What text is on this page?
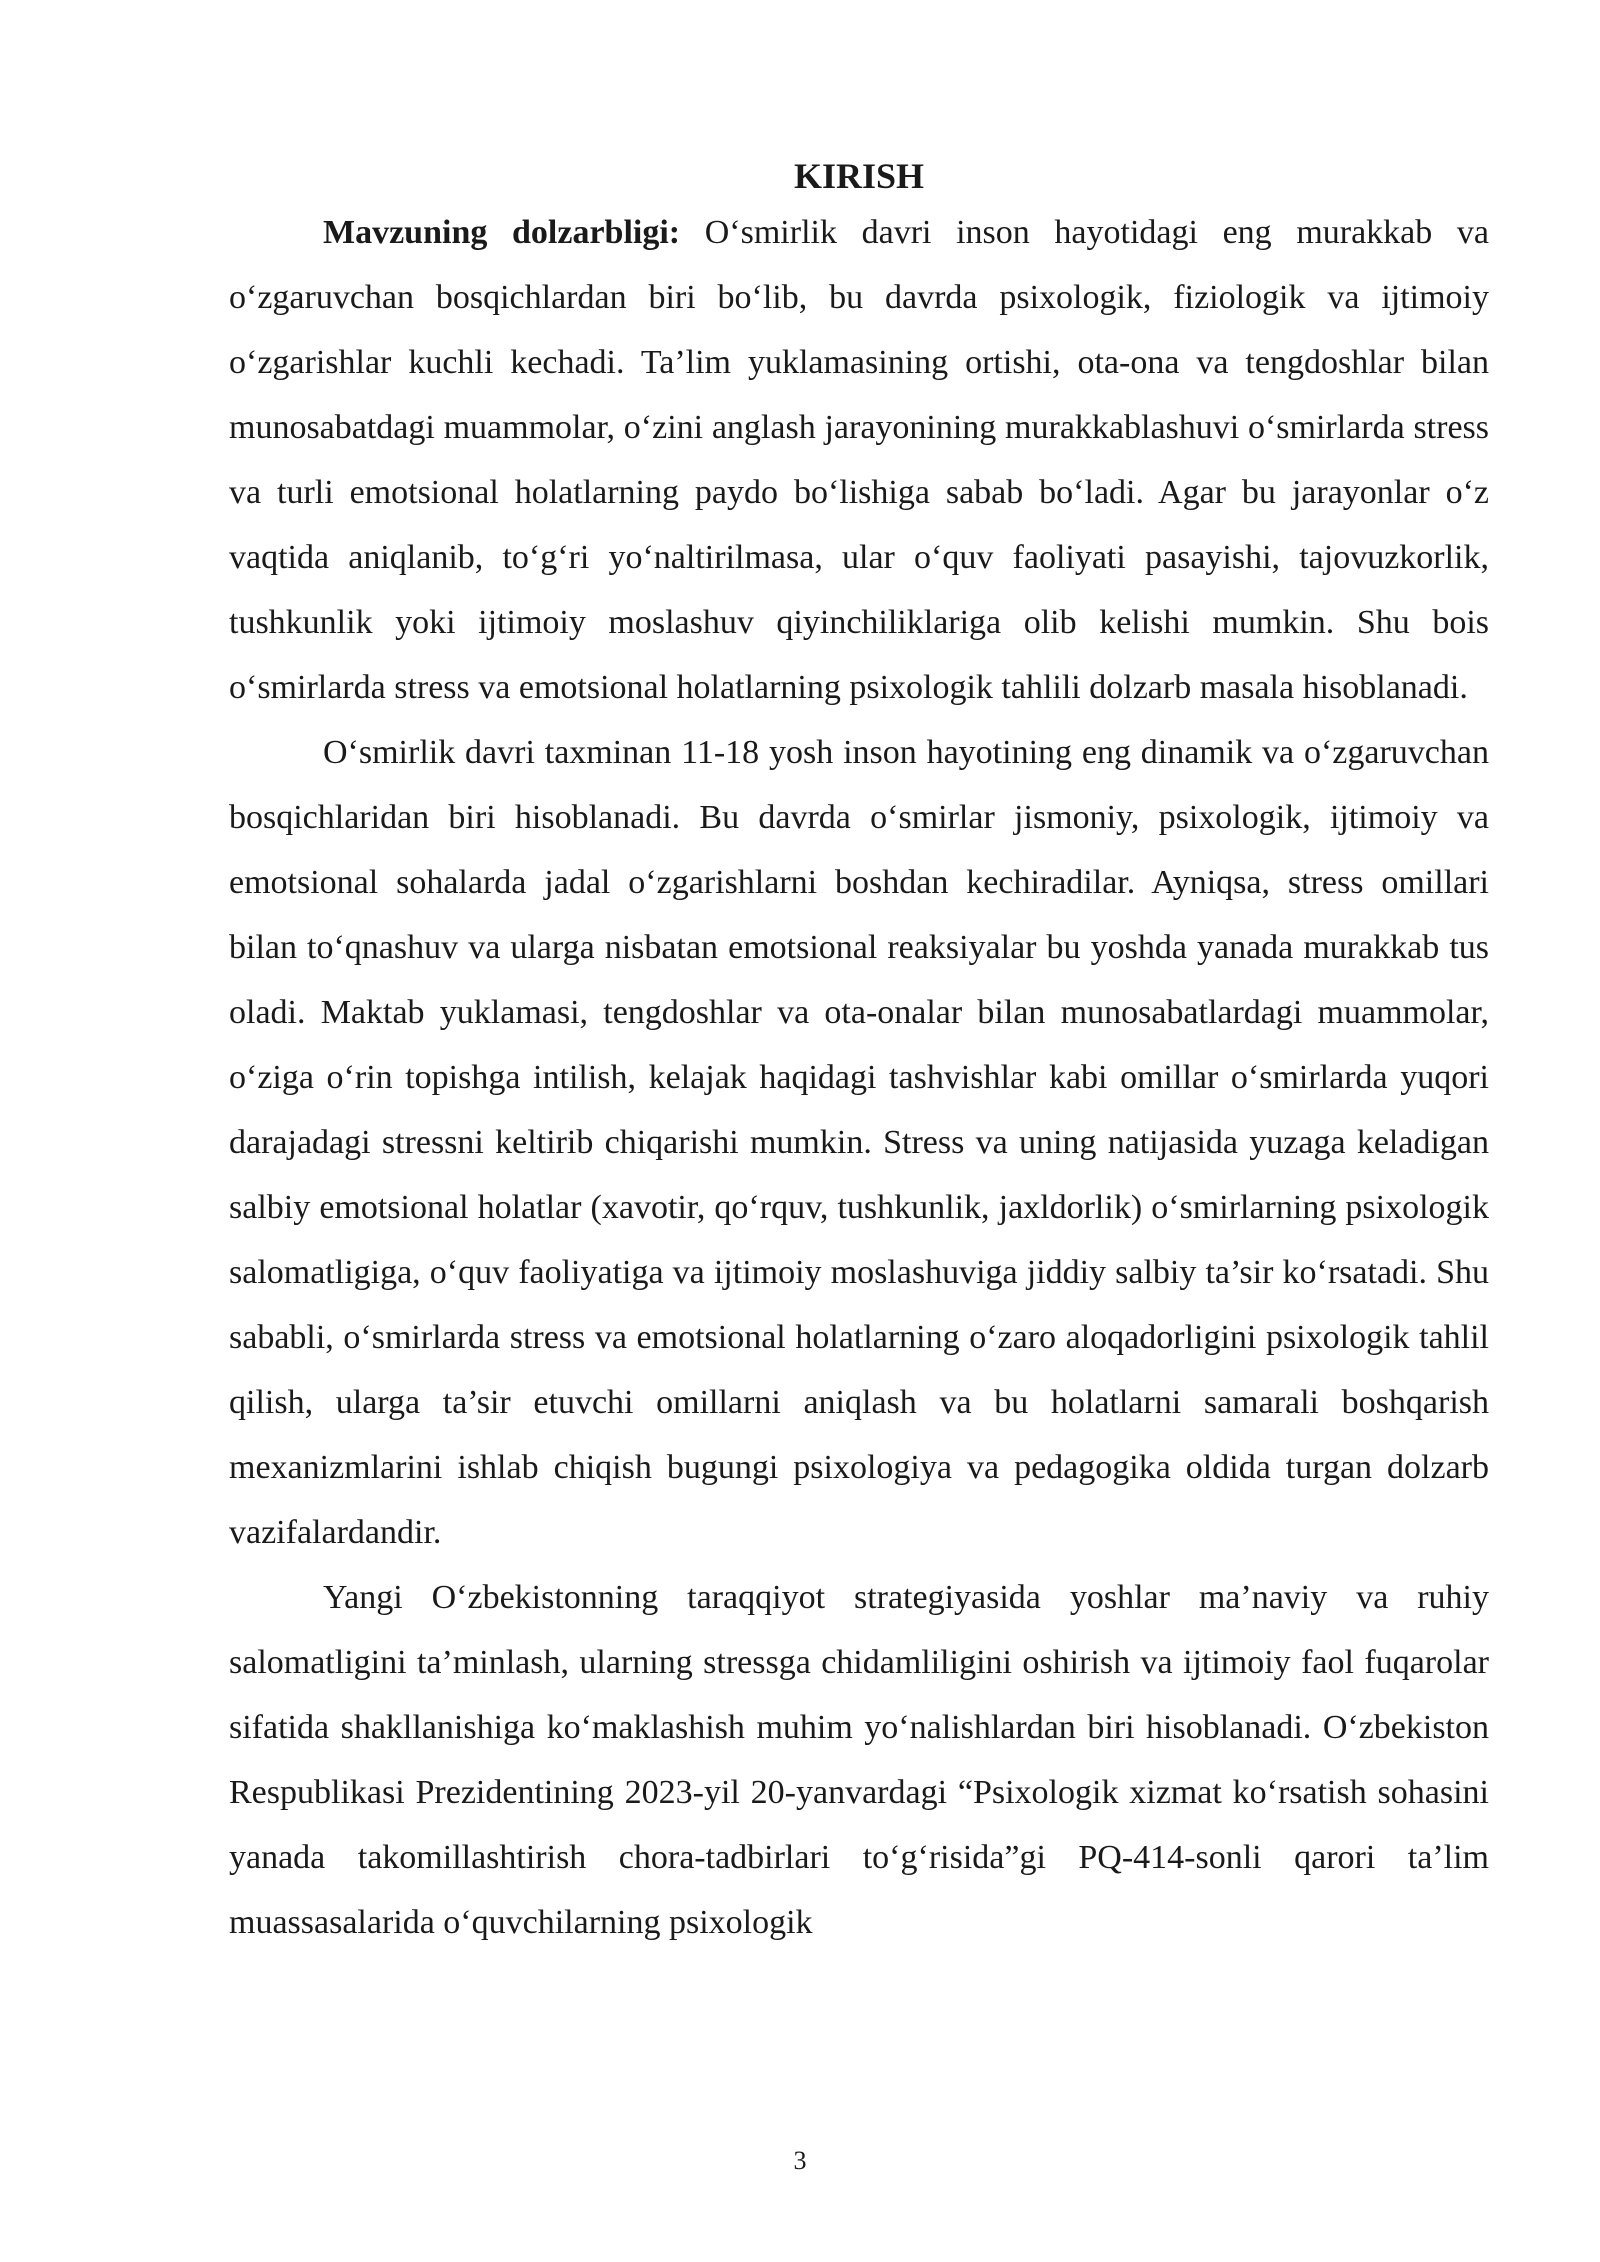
KIRISH

Mavzuning dolzarbligi: O‘smirlik davri inson hayotidagi eng murakkab va o‘zgaruvchan bosqichlardan biri bo‘lib, bu davrda psixologik, fiziologik va ijtimoiy o‘zgarishlar kuchli kechadi. Ta’lim yuklamasining ortishi, ota-ona va tengdoshlar bilan munosabatdagi muammolar, o‘zini anglash jarayonining murakkablashuvi o‘smirlarda stress va turli emotsional holatlarning paydo bo‘lishiga sabab bo‘ladi. Agar bu jarayonlar o‘z vaqtida aniqlanib, to‘g‘ri yo‘naltirilmasa, ular o‘quv faoliyati pasayishi, tajovuzkorlik, tushkunlik yoki ijtimoiy moslashuv qiyinchiliklariga olib kelishi mumkin. Shu bois o‘smirlarda stress va emotsional holatlarning psixologik tahlili dolzarb masala hisoblanadi.

O‘smirlik davri taxminan 11-18 yosh inson hayotining eng dinamik va o‘zgaruvchan bosqichlaridan biri hisoblanadi. Bu davrda o‘smirlar jismoniy, psixologik, ijtimoiy va emotsional sohalarda jadal o‘zgarishlarni boshdan kechiradilar. Ayniqsa, stress omillari bilan to‘qnashuv va ularga nisbatan emotsional reaksiyalar bu yoshda yanada murakkab tus oladi. Maktab yuklamasi, tengdoshlar va ota-onalar bilan munosabatlardagi muammolar, o‘ziga o‘rin topishga intilish, kelajak haqidagi tashvishlar kabi omillar o‘smirlarda yuqori darajadagi stressni keltirib chiqarishi mumkin. Stress va uning natijasida yuzaga keladigan salbiy emotsional holatlar (xavotir, qo‘rquv, tushkunlik, jaxldorlik) o‘smirlarning psixologik salomatligiga, o‘quv faoliyatiga va ijtimoiy moslashuviga jiddiy salbiy ta’sir ko‘rsatadi. Shu sababli, o‘smirlarda stress va emotsional holatlarning o‘zaro aloqadorligini psixologik tahlil qilish, ularga ta’sir etuvchi omillarni aniqlash va bu holatlarni samarali boshqarish mexanizmlarini ishlab chiqish bugungi psixologiya va pedagogika oldida turgan dolzarb vazifalardandir.

Yangi O‘zbekistonning taraqqiyot strategiyasida yoshlar ma’naviy va ruhiy salomatligini ta’minlash, ularning stressga chidamliligini oshirish va ijtimoiy faol fuqarolar sifatida shakllanishiga ko‘maklashish muhim yo‘nalishlardan biri hisoblanadi. O‘zbekiston Respublikasi Prezidentining 2023-yil 20-yanvardagi “Psixologik xizmat ko‘rsatish sohasini yanada takomillashtirish chora-tadbirlari to‘g‘risida”gi PQ-414-sonli qarori ta’lim muassasalarida o‘quvchilarning psixologik

3
